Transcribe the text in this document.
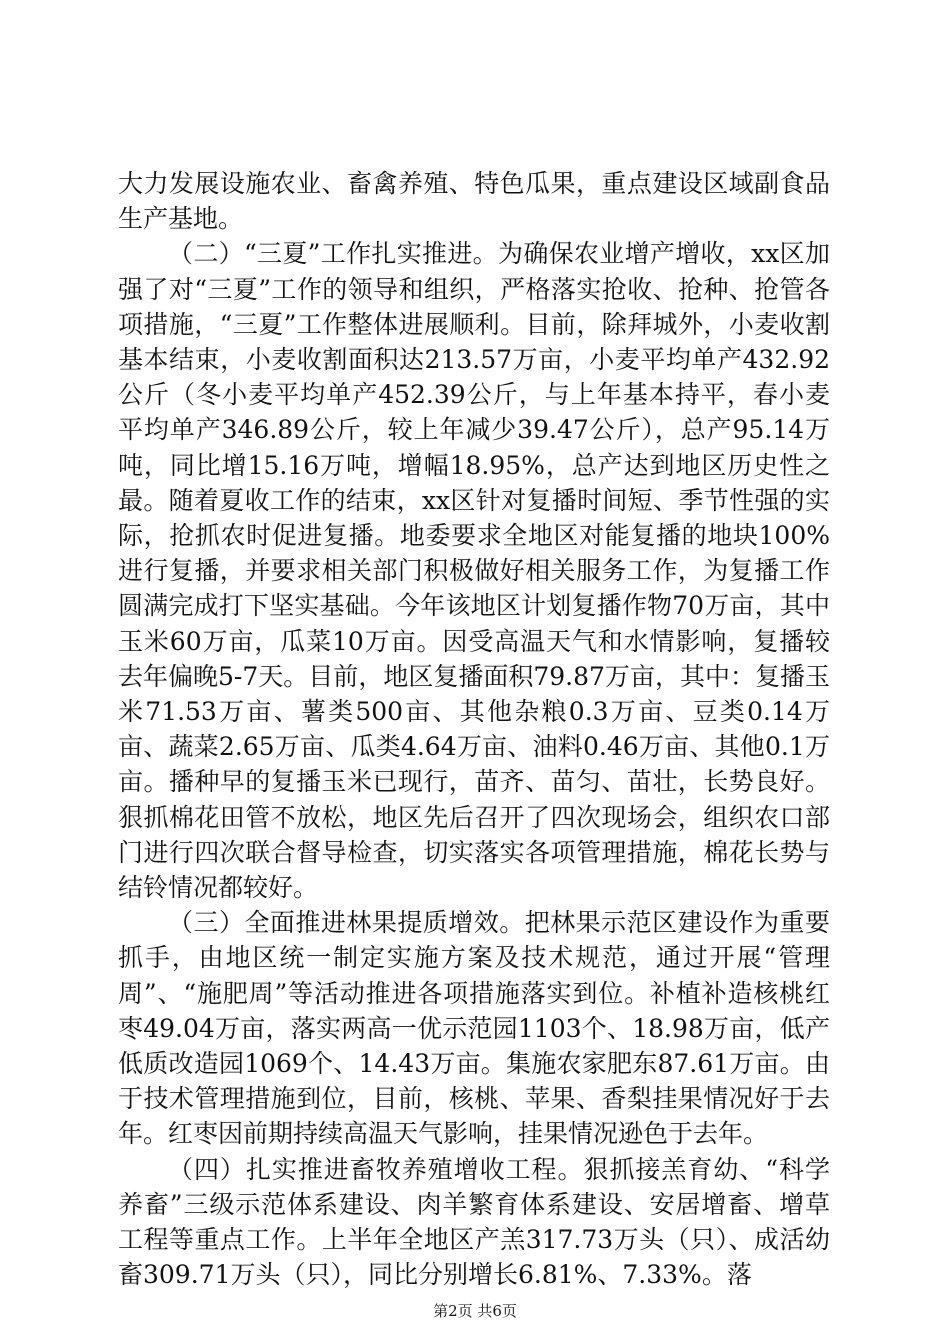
大力发展设施农业、畜禽养殖、特色瓜果，重点建设区域副食品生产基地。

（二）“三夏”工作扎实推进。为确保农业增产增收，xx区加强了对“三夏”工作的领导和组织，严格落实抢收、抢种、抢管各项措施，“三夏”工作整体进展顺利。目前，除拜城外，小麦收割基本结束，小麦收割面积达213.57万亩，小麦平均单产432.92公斤（冬小麦平均单产452.39公斤，与上年基本持平，春小麦平均单产346.89公斤，较上年减少39.47公斤），总产95.14万吨，同比增15.16万吨，增幅18.95%，总产达到地区历史性之最。随着夏收工作的结束，xx区针对复播时间短、季节性强的实际，抢抓农时促进复播。地委要求全地区对能复播的地块100%进行复播，并要求相关部门积极做好相关服务工作，为复播工作圆满完成打下坚实基础。今年该地区计划复播作物70万亩，其中玉米60万亩，瓜菜10万亩。因受高温天气和水情影响，复播较去年偏晚5-7天。目前，地区复播面积79.87万亩，其中：复播玉米71.53万亩、薯类500亩、其他杂粮0.3万亩、豆类0.14万亩、蔬菜2.65万亩、瓜类4.64万亩、油料0.46万亩、其他0.1万亩。播种早的复播玉米已现行，苗齐、苗匀、苗壮，长势良好。狠抓棉花田管不放松，地区先后召开了四次现场会，组织农口部门进行四次联合督导检查，切实落实各项管理措施，棉花长势与结铃情况都较好。

（三）全面推进林果提质增效。把林果示范区建设作为重要抓手，由地区统一制定实施方案及技术规范，通过开展“管理周”、“施肥周”等活动推进各项措施落实到位。补植补造核桃红枣49.04万亩，落实两高一优示范园1103个、18.98万亩，低产低质改造园1069个、14.43万亩。集施农家肥东87.61万亩。由于技术管理措施到位，目前，核桃、苹果、香梨挂果情况好于去年。红枣因前期持续高温天气影响，挂果情况逊色于去年。

（四）扎实推进畜牧养殖增收工程。狠抓接羔育幼、“科学养畜”三级示范体系建设、肉羊繁育体系建设、安居增畜、增草工程等重点工作。上半年全地区产羔317.73万头（只）、成活幼畜309.71万头（只），同比分别增长6.81%、7.33%。落

第2页 共6页
